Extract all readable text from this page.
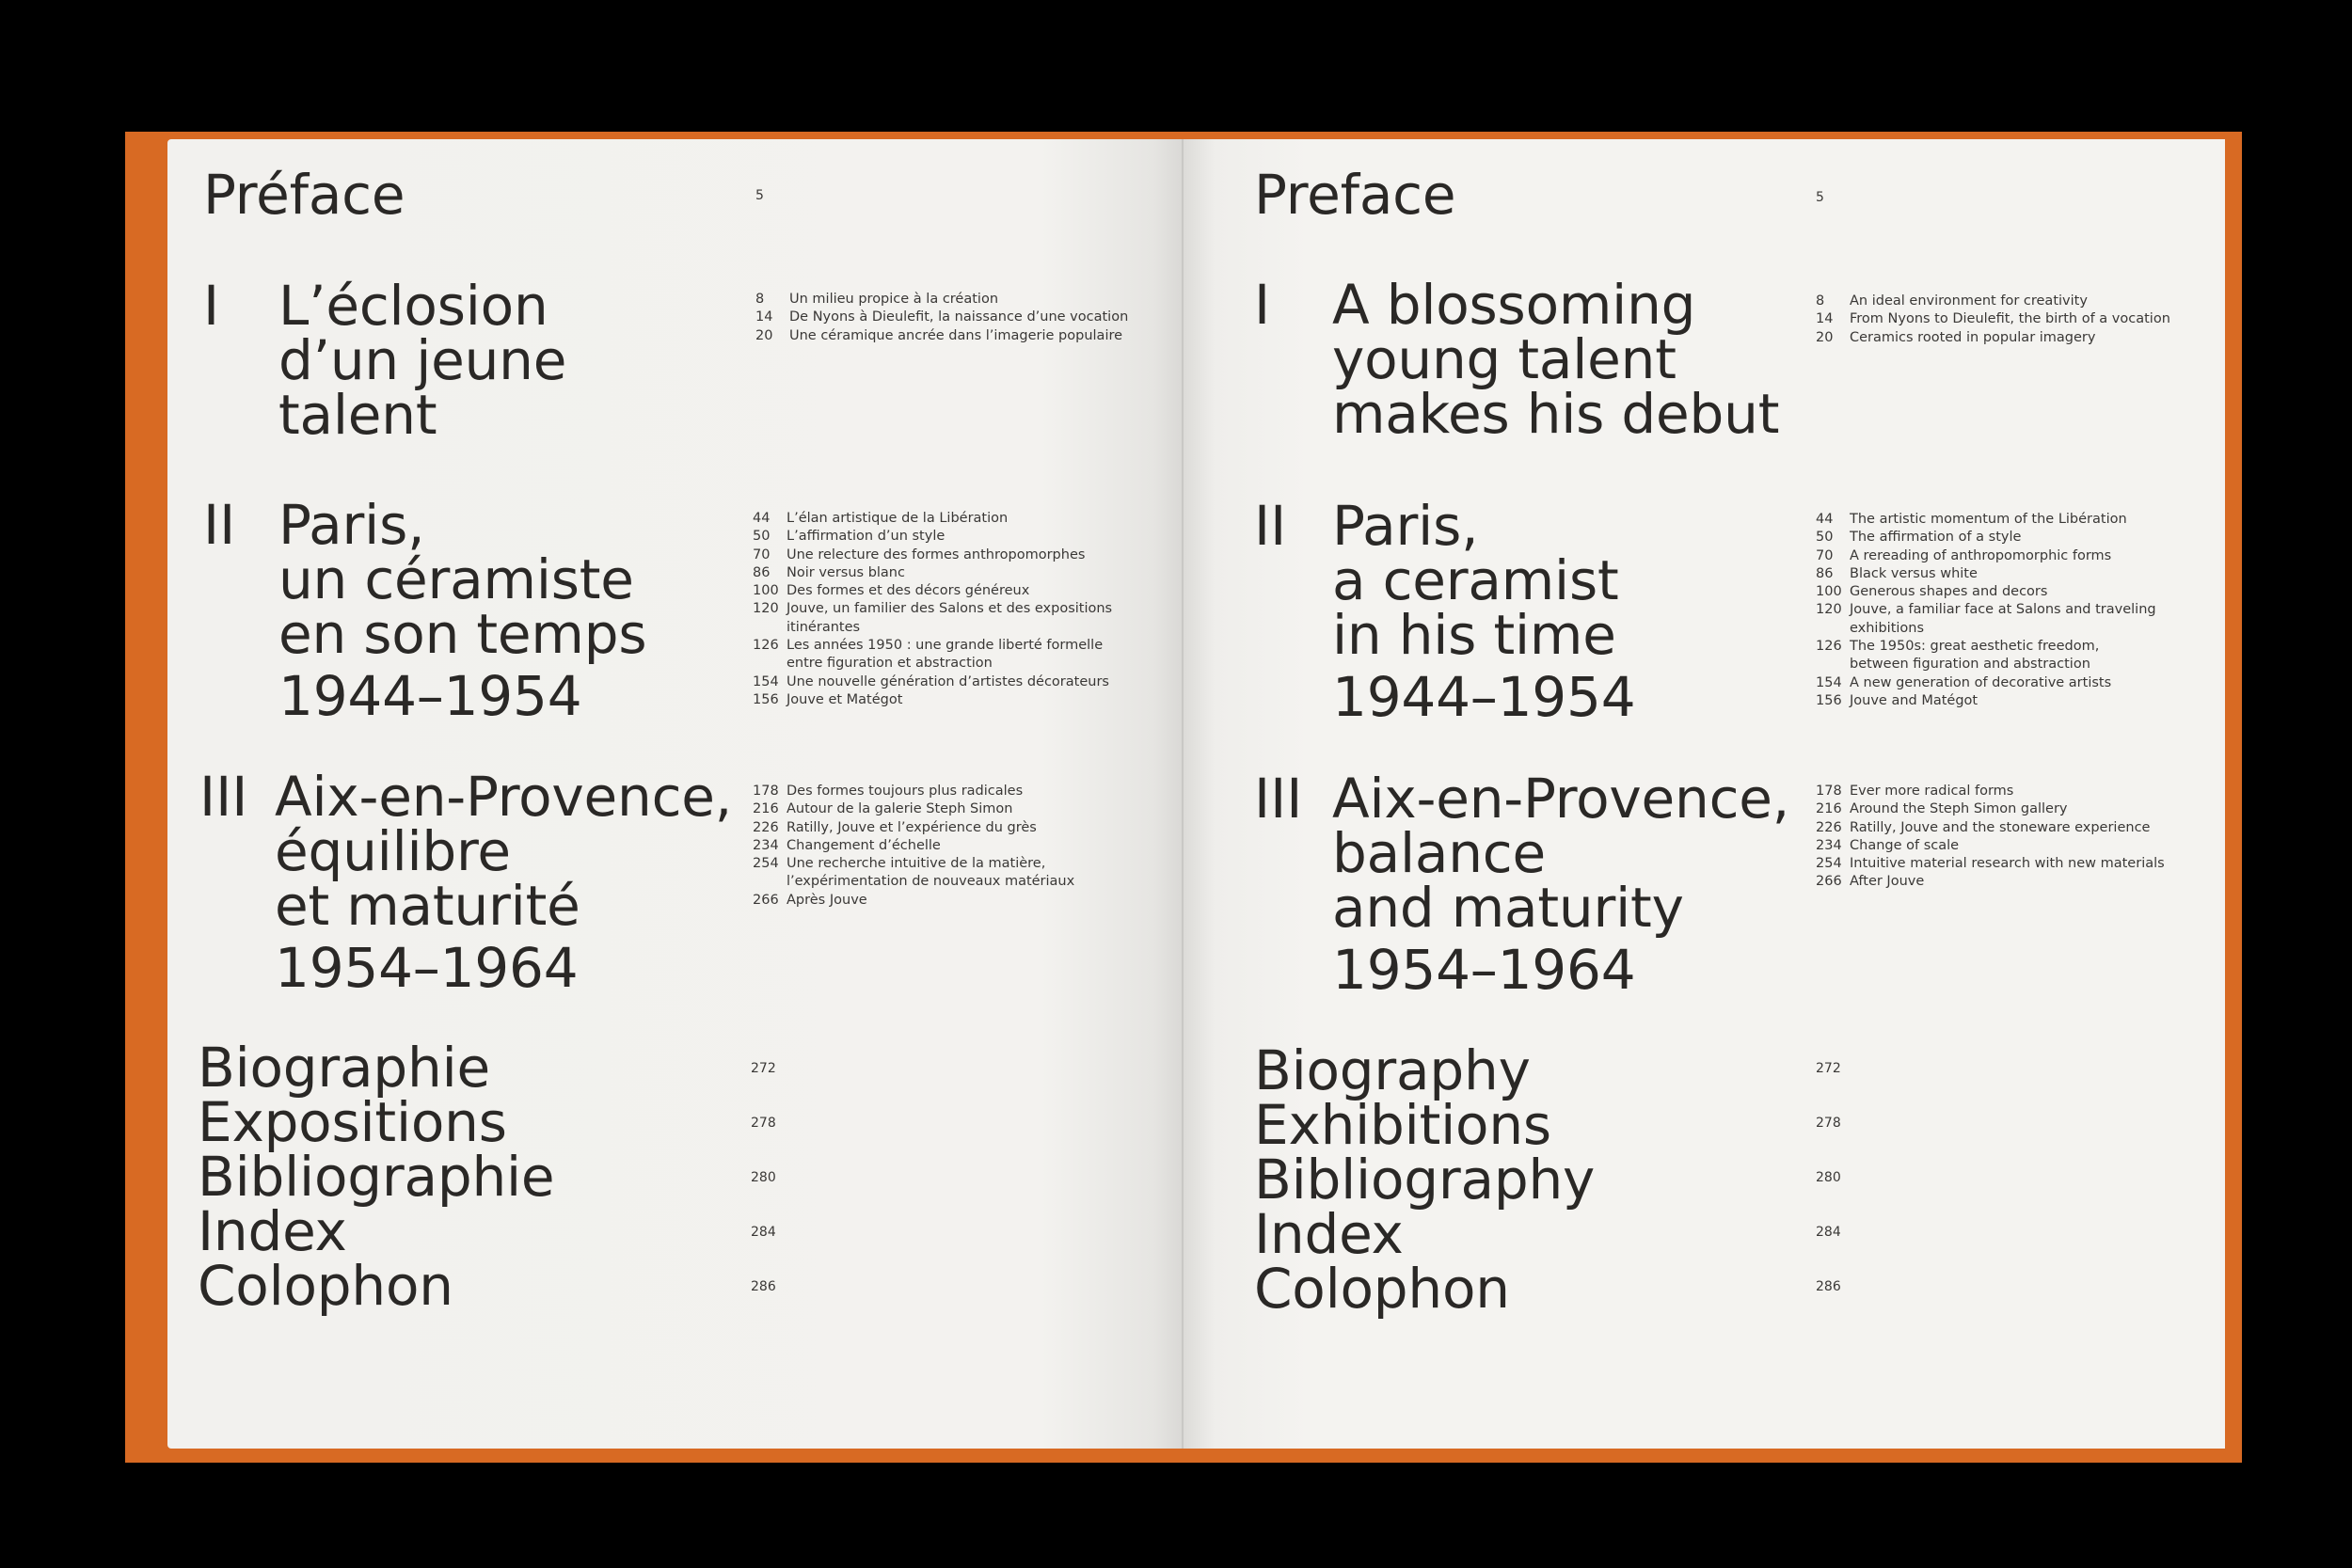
Préface	5
I L’éclosion
d’un jeune
talent
8	Un milieu propice à la création
14	De Nyons à Dieulefit, la naissance d’une vocation
20	Une céramique ancrée dans l’imagerie populaire
II Paris,
un céramiste
en son temps
1944–1954
44	L’élan artistique de la Libération
50	L’affirmation d’un style
70	Une relecture des formes anthropomorphes
86	Noir versus blanc
100 Des formes et des décors généreux
120 Jouve, un familier des Salons et des expositions
itinérantes
126 Les années 1950 : une grande liberté formelle
entre figuration et abstraction
154 Une nouvelle génération d’artistes décorateurs
156 Jouve et Matégot
III Aix-en-Provence,
équilibre
et maturité
1954–1964
178 Des formes toujours plus radicales
216 Autour de la galerie Steph Simon
226 Ratilly, Jouve et l’expérience du grès
234 Changement d’échelle
254 Une recherche intuitive de la matière,
l’expérimentation de nouveaux matériaux
266 Après Jouve
Biographie	272
Expositions	278
Bibliographie	280
Index	284
Colophon	286
Preface	5
I A blossoming
young talent
makes his debut
8	An ideal environment for creativity
14	From Nyons to Dieulefit, the birth of a vocation
20	Ceramics rooted in popular imagery
II Paris,
a ceramist
in his time
1944–1954
44	The artistic momentum of the Libération
50	The affirmation of a style
70	A rereading of anthropomorphic forms
86	Black versus white
100 Generous shapes and decors
120 Jouve, a familiar face at Salons and traveling
exhibitions
126 The 1950s: great aesthetic freedom,
between figuration and abstraction
154 A new generation of decorative artists
156 Jouve and Matégot
III Aix-en-Provence,
balance
and maturity
1954–1964
178 Ever more radical forms
216 Around the Steph Simon gallery
226 Ratilly, Jouve and the stoneware experience
234 Change of scale
254 Intuitive material research with new materials
266 After Jouve
Biography	272
Exhibitions	278
Bibliography	280
Index	284
Colophon	286
